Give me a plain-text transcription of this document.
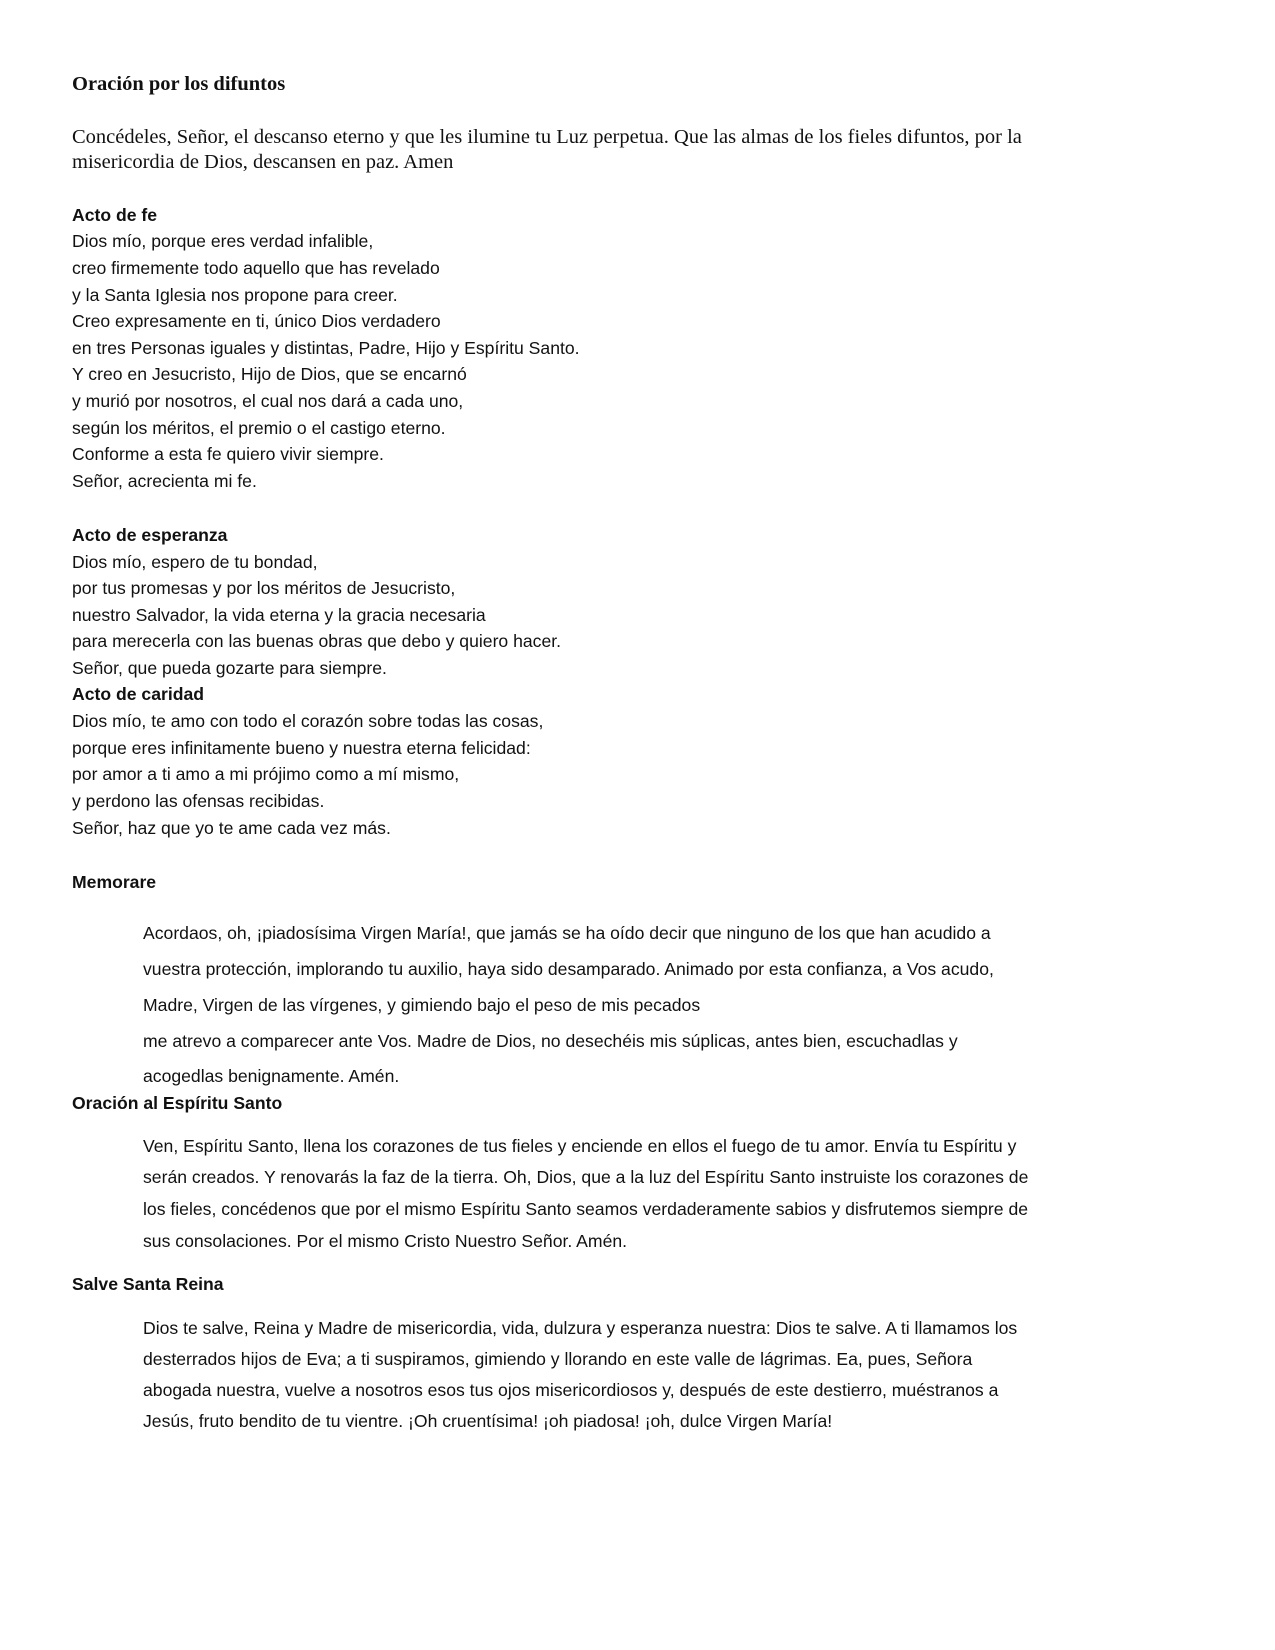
Oración por los difuntos
Concédeles, Señor, el descanso eterno y que les ilumine tu Luz perpetua. Que las almas de los fieles difuntos, por la
misericordia de Dios, descansen en paz. Amen
Acto de fe
Dios mío, porque eres verdad infalible,
creo firmemente todo aquello que has revelado
y la Santa Iglesia nos propone para creer.
Creo expresamente en ti, único Dios verdadero
en tres Personas iguales y distintas, Padre, Hijo y Espíritu Santo.
Y creo en Jesucristo, Hijo de Dios, que se encarnó
y murió por nosotros, el cual nos dará a cada uno,
según los méritos, el premio o el castigo eterno.
Conforme a esta fe quiero vivir siempre.
Señor, acrecienta mi fe.
Acto de esperanza
Dios mío, espero de tu bondad,
por tus promesas y por los méritos de Jesucristo,
nuestro Salvador, la vida eterna y la gracia necesaria
para merecerla con las buenas obras que debo y quiero hacer.
Señor, que pueda gozarte para siempre.
Acto de caridad
Dios mío, te amo con todo el corazón sobre todas las cosas,
porque eres infinitamente bueno y nuestra eterna felicidad:
por amor a ti amo a mi prójimo como a mí mismo,
y perdono las ofensas recibidas.
Señor, haz que yo te ame cada vez más.
Memorare
Acordaos, oh, ¡piadosísima Virgen María!, que jamás se ha oído decir que ninguno de los que han acudido a
vuestra protección, implorando tu auxilio, haya sido desamparado. Animado por esta confianza, a Vos acudo,
Madre, Virgen de las vírgenes, y gimiendo bajo el peso de mis pecados
me atrevo a comparecer ante Vos. Madre de Dios, no desechéis mis súplicas, antes bien, escuchadlas y
acogedlas benignamente. Amén.
Oración al Espíritu Santo
Ven, Espíritu Santo, llena los corazones de tus fieles y enciende en ellos el fuego de tu amor. Envía tu Espíritu y
serán creados. Y renovarás la faz de la tierra. Oh, Dios, que a la luz del Espíritu Santo instruiste los corazones de
los fieles, concédenos que por el mismo Espíritu Santo seamos verdaderamente sabios y disfrutemos siempre de
sus consolaciones. Por el mismo Cristo Nuestro Señor. Amén.
Salve Santa Reina
Dios te salve, Reina y Madre de misericordia, vida, dulzura y esperanza nuestra: Dios te salve. A ti llamamos los
desterrados hijos de Eva; a ti suspiramos, gimiendo y llorando en este valle de lágrimas. Ea, pues, Señora
abogada nuestra, vuelve a nosotros esos tus ojos misericordiosos y, después de este destierro, muéstranos a
Jesús, fruto bendito de tu vientre. ¡Oh cruentísima! ¡oh piadosa! ¡oh, dulce Virgen María!
